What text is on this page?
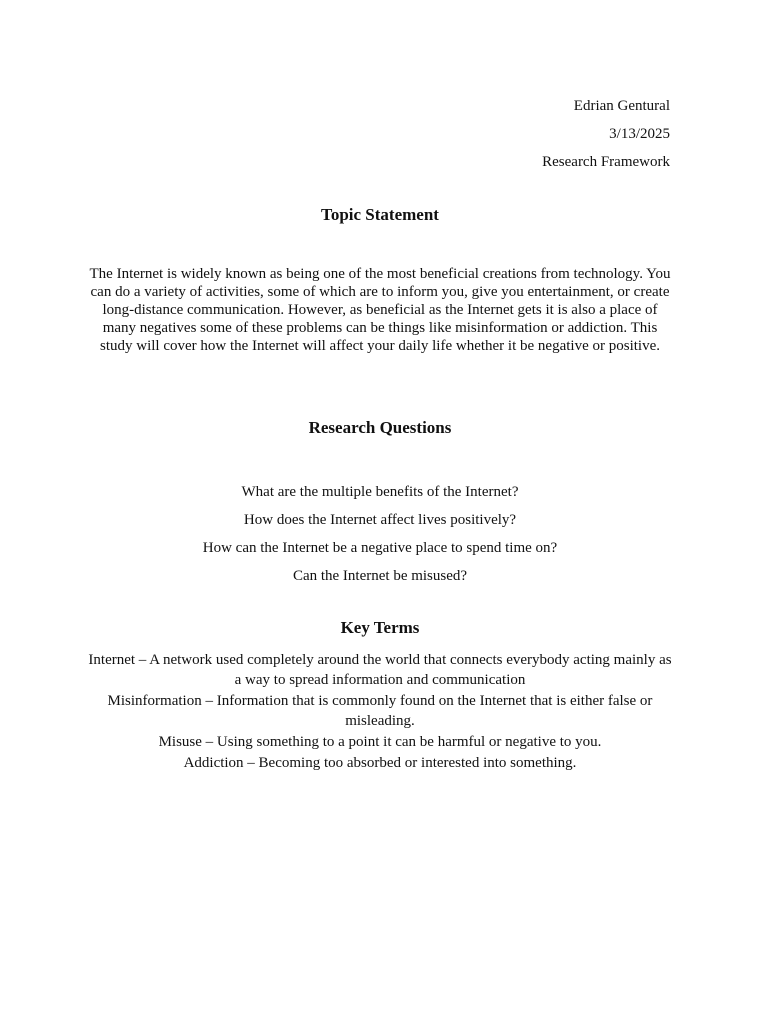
Edrian Gentural
3/13/2025
Research Framework
Topic Statement

The Internet is widely known as being one of the most beneficial creations from technology. You can do a variety of activities, some of which are to inform you, give you entertainment, or create long-distance communication. However, as beneficial as the Internet gets it is also a place of many negatives some of these problems can be things like misinformation or addiction. This study will cover how the Internet will affect your daily life whether it be negative or positive.

Research Questions
What are the multiple benefits of the Internet?
How does the Internet affect lives positively?
How can the Internet be a negative place to spend time on?
Can the Internet be misused?
Key Terms
Internet – A network used completely around the world that connects everybody acting mainly as a way to spread information and communication
Misinformation – Information that is commonly found on the Internet that is either false or misleading.
Misuse – Using something to a point it can be harmful or negative to you.
Addiction – Becoming too absorbed or interested into something.
